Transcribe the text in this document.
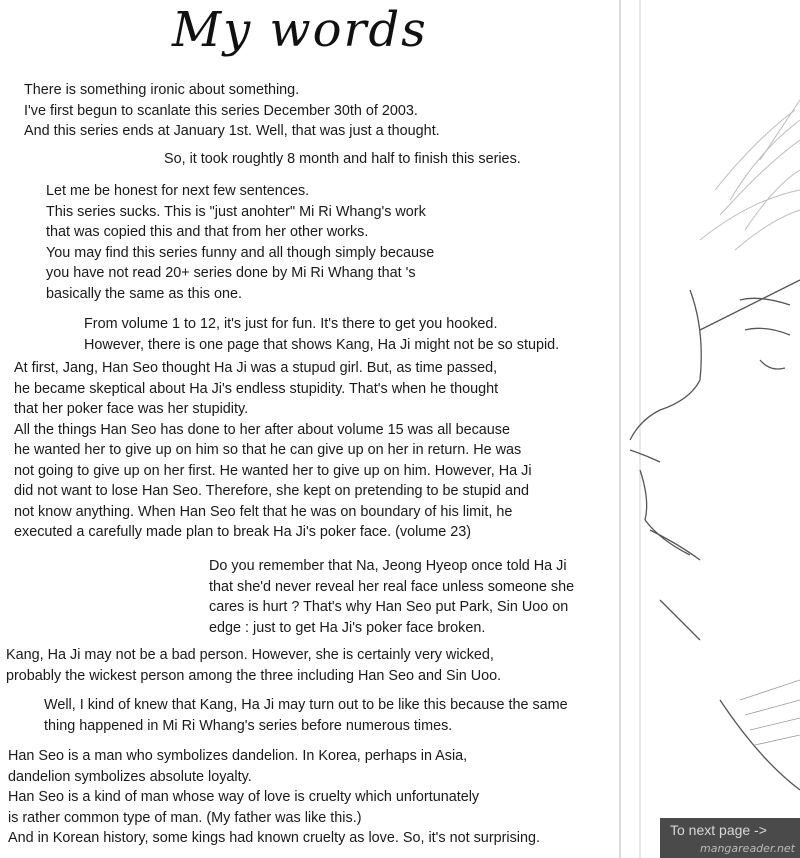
My words
There is something ironic about something.
I've first begun to scanlate this series December 30th of 2003.
And this series ends at January 1st. Well, that was just a thought.
So, it took roughtly 8 month and half to finish this series.
Let me be honest for next few sentences.
This series sucks. This is "just anohter" Mi Ri Whang's work
that was copied this and that from her other works.
You may find this series funny and all though simply because
you have not read 20+ series done by Mi Ri Whang that 's
basically the same as this one.
From volume 1 to 12, it's just for fun. It's there to get you hooked.
However, there is one page that shows Kang, Ha Ji might not be so stupid.
At first, Jang, Han Seo thought Ha Ji was a stupud girl. But, as time passed,
he became skeptical about Ha Ji's endless stupidity. That's when he thought
that her poker face was her stupidity.
All the things Han Seo has done to her after about volume 15 was all because
he wanted her to give up on him so that he can give up on her in return. He was
not going to give up on her first. He wanted her to give up on him. However, Ha Ji
did not want to lose Han Seo. Therefore, she kept on pretending to be stupid and
not know anything. When Han Seo felt that he was on boundary of his limit, he
executed a carefully made plan to break Ha Ji's poker face. (volume 23)
Do you remember that Na, Jeong Hyeop once told Ha Ji
that she'd never reveal her real face unless someone she
cares is hurt ? That's why Han Seo put Park, Sin Uoo on
edge : just to get Ha Ji's poker face broken.
Kang, Ha Ji may not be a bad person. However, she is certainly very wicked,
probably the wickest person among the three including Han Seo and Sin Uoo.
Well, I kind of knew that Kang, Ha Ji may turn out to be like this because the same
thing happened in Mi Ri Whang's series before numerous times.
Han Seo is a man who symbolizes dandelion. In Korea, perhaps in Asia,
dandelion symbolizes absolute loyalty.
Han Seo is a kind of man whose way of love is cruelty which unfortunately
is rather common type of man. (My father was like this.)
And in Korean history, some kings had known cruelty as love. So, it's not surprising.	To next page ->
mangareader.net
